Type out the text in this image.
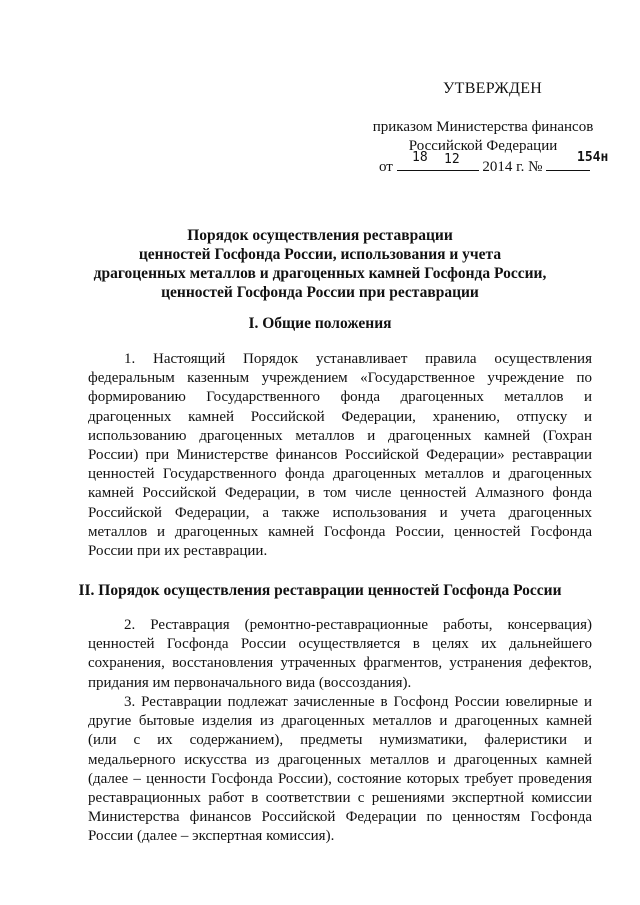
УТВЕРЖДЕН
приказом Министерства финансов
Российской Федерации
от	2014 г. №
18 12	154н
Порядок осуществления реставрации
ценностей Госфонда России, использования и учета
драгоценных металлов и драгоценных камней Госфонда России,
ценностей Госфонда России при реставрации
I. Общие положения
1. Настоящий Порядок устанавливает правила осуществления
федеральным казенным учреждением «Государственное учреждение по
формированию Государственного фонда драгоценных металлов и
драгоценных камней Российской Федерации, хранению, отпуску и
использованию драгоценных металлов и драгоценных камней (Гохран
России) при Министерстве финансов Российской Федерации» реставрации
ценностей Государственного фонда драгоценных металлов и драгоценных
камней Российской Федерации, в том числе ценностей Алмазного фонда
Российской Федерации, а также использования и учета драгоценных
металлов и драгоценных камней Госфонда России, ценностей Госфонда
России при их реставрации.
II. Порядок осуществления реставрации ценностей Госфонда России
2. Реставрация (ремонтно-реставрационные работы, консервация)
ценностей Госфонда России осуществляется в целях их дальнейшего
сохранения, восстановления утраченных фрагментов, устранения дефектов,
придания им первоначального вида (воссоздания).
3. Реставрации подлежат зачисленные в Госфонд России ювелирные и
другие бытовые изделия из драгоценных металлов и драгоценных камней
(или с их содержанием), предметы нумизматики, фалеристики и
медальерного искусства из драгоценных металлов и драгоценных камней
(далее – ценности Госфонда России), состояние которых требует проведения
реставрационных работ в соответствии с решениями экспертной комиссии
Министерства финансов Российской Федерации по ценностям Госфонда
России (далее – экспертная комиссия).
